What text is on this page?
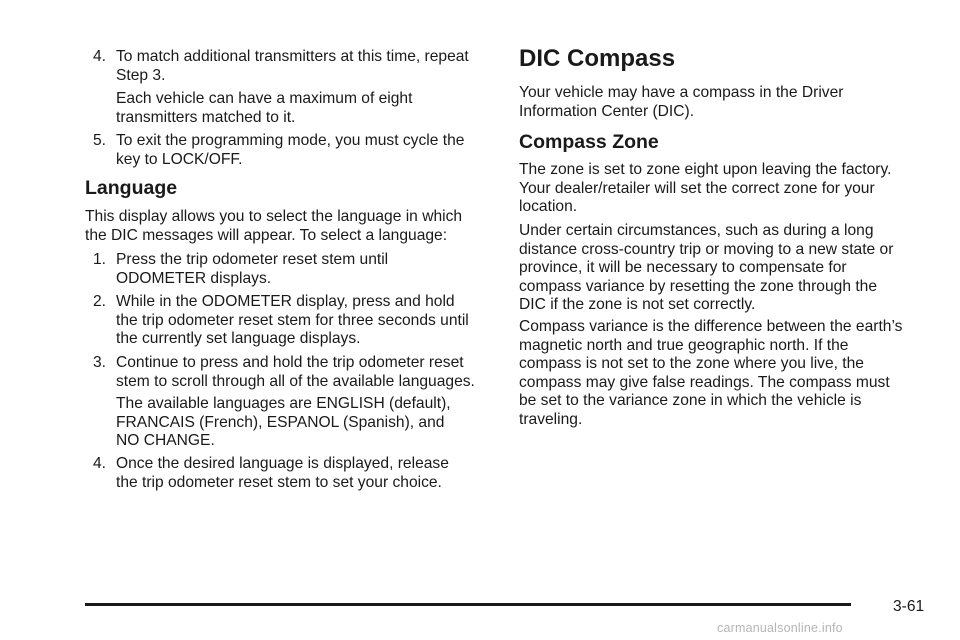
4. To match additional transmitters at this time, repeat
Step 3.

Each vehicle can have a maximum of eight
transmitters matched to it.

5. To exit the programming mode, you must cycle the
key to LOCK/OFF.
Language

This display allows you to select the language in which
the DIC messages will appear. To select a language:

1. Press the trip odometer reset stem until
ODOMETER displays.
2. While in the ODOMETER display, press and hold
the trip odometer reset stem for three seconds until
the currently set language displays.
3. Continue to press and hold the trip odometer reset
stem to scroll through all of the available languages.

The available languages are ENGLISH (default),
FRANCAIS (French), ESPANOL (Spanish), and
NO CHANGE.

4. Once the desired language is displayed, release
the trip odometer reset stem to set your choice.
DIC Compass

Your vehicle may have a compass in the Driver
Information Center (DIC).

Compass Zone

The zone is set to zone eight upon leaving the factory.
Your dealer/retailer will set the correct zone for your
location.

Under certain circumstances, such as during a long
distance cross-country trip or moving to a new state or
province, it will be necessary to compensate for
compass variance by resetting the zone through the
DIC if the zone is not set correctly.

Compass variance is the difference between the earth’s
magnetic north and true geographic north. If the
compass is not set to the zone where you live, the
compass may give false readings. The compass must
be set to the variance zone in which the vehicle is
traveling.

3-61
carmanualsonline.info
